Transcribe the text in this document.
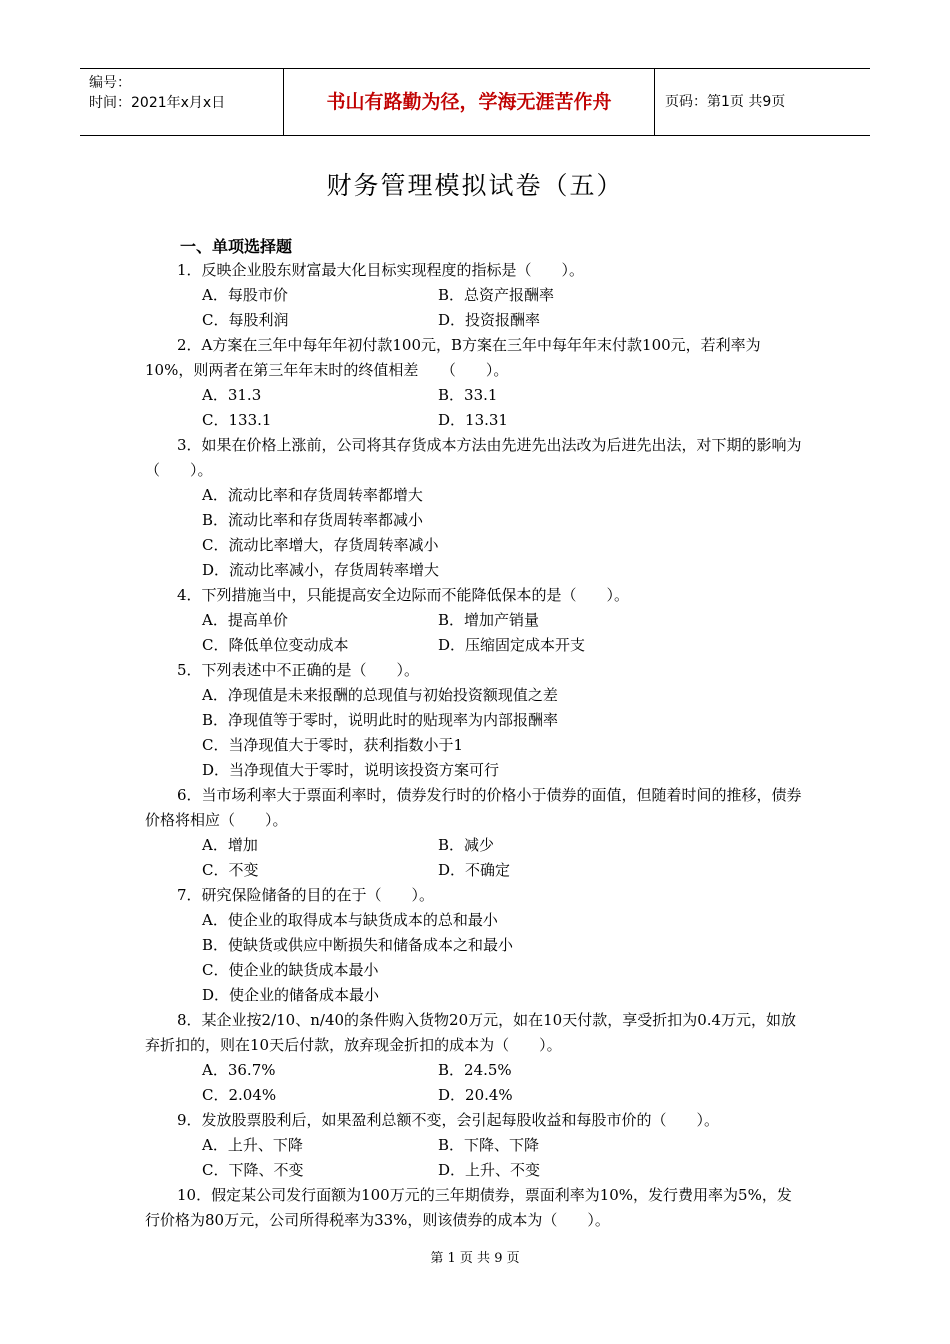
编号：
时间：2021年x月x日	书山有路勤为径，学海无涯苦作舟	页码：第1页 共9页
财务管理模拟试卷（五）
一、单项选择题

1．反映企业股东财富最大化目标实现程度的指标是（　　）。

A．每股市价	B．总资产报酬率
C．每股利润	D．投资报酬率

2．A方案在三年中每年年初付款100元，B方案在三年中每年年末付款100元，若利率为10%，则两者在第三年年末时的终值相差　　（　　）。

A．31.3	B．33.1
C．133.1	D．13.31

3．如果在价格上涨前，公司将其存货成本方法由先进先出法改为后进先出法，对下期的影响为（　　）。

A．流动比率和存货周转率都增大
B．流动比率和存货周转率都减小
C．流动比率增大，存货周转率减小
D．流动比率减小，存货周转率增大

4．下列措施当中，只能提高安全边际而不能降低保本的是（　　）。

A．提高单价	B．增加产销量
C．降低单位变动成本	D．压缩固定成本开支

5．下列表述中不正确的是（　　）。

A．净现值是未来报酬的总现值与初始投资额现值之差
B．净现值等于零时，说明此时的贴现率为内部报酬率
C．当净现值大于零时，获利指数小于1
D．当净现值大于零时，说明该投资方案可行

6．当市场利率大于票面利率时，债券发行时的价格小于债券的面值，但随着时间的推移，债券价格将相应（　　）。

A．增加	B．减少
C．不变	D．不确定

7．研究保险储备的目的在于（　　）。

A．使企业的取得成本与缺货成本的总和最小
B．使缺货或供应中断损失和储备成本之和最小
C．使企业的缺货成本最小
D．使企业的储备成本最小

8．某企业按2/10、n/40的条件购入货物20万元，如在10天付款，享受折扣为0.4万元，如放弃折扣的，则在10天后付款，放弃现金折扣的成本为（　　）。

A．36.7%	B．24.5%
C．2.04%	D．20.4%

9．发放股票股利后，如果盈利总额不变，会引起每股收益和每股市价的（　　）。

A．上升、下降	B．下降、下降
C．下降、不变	D．上升、不变

10．假定某公司发行面额为100万元的三年期债券，票面利率为10%，发行费用率为5%，发行价格为80万元，公司所得税率为33%，则该债券的成本为（　　）。

第 1 页 共 9 页
